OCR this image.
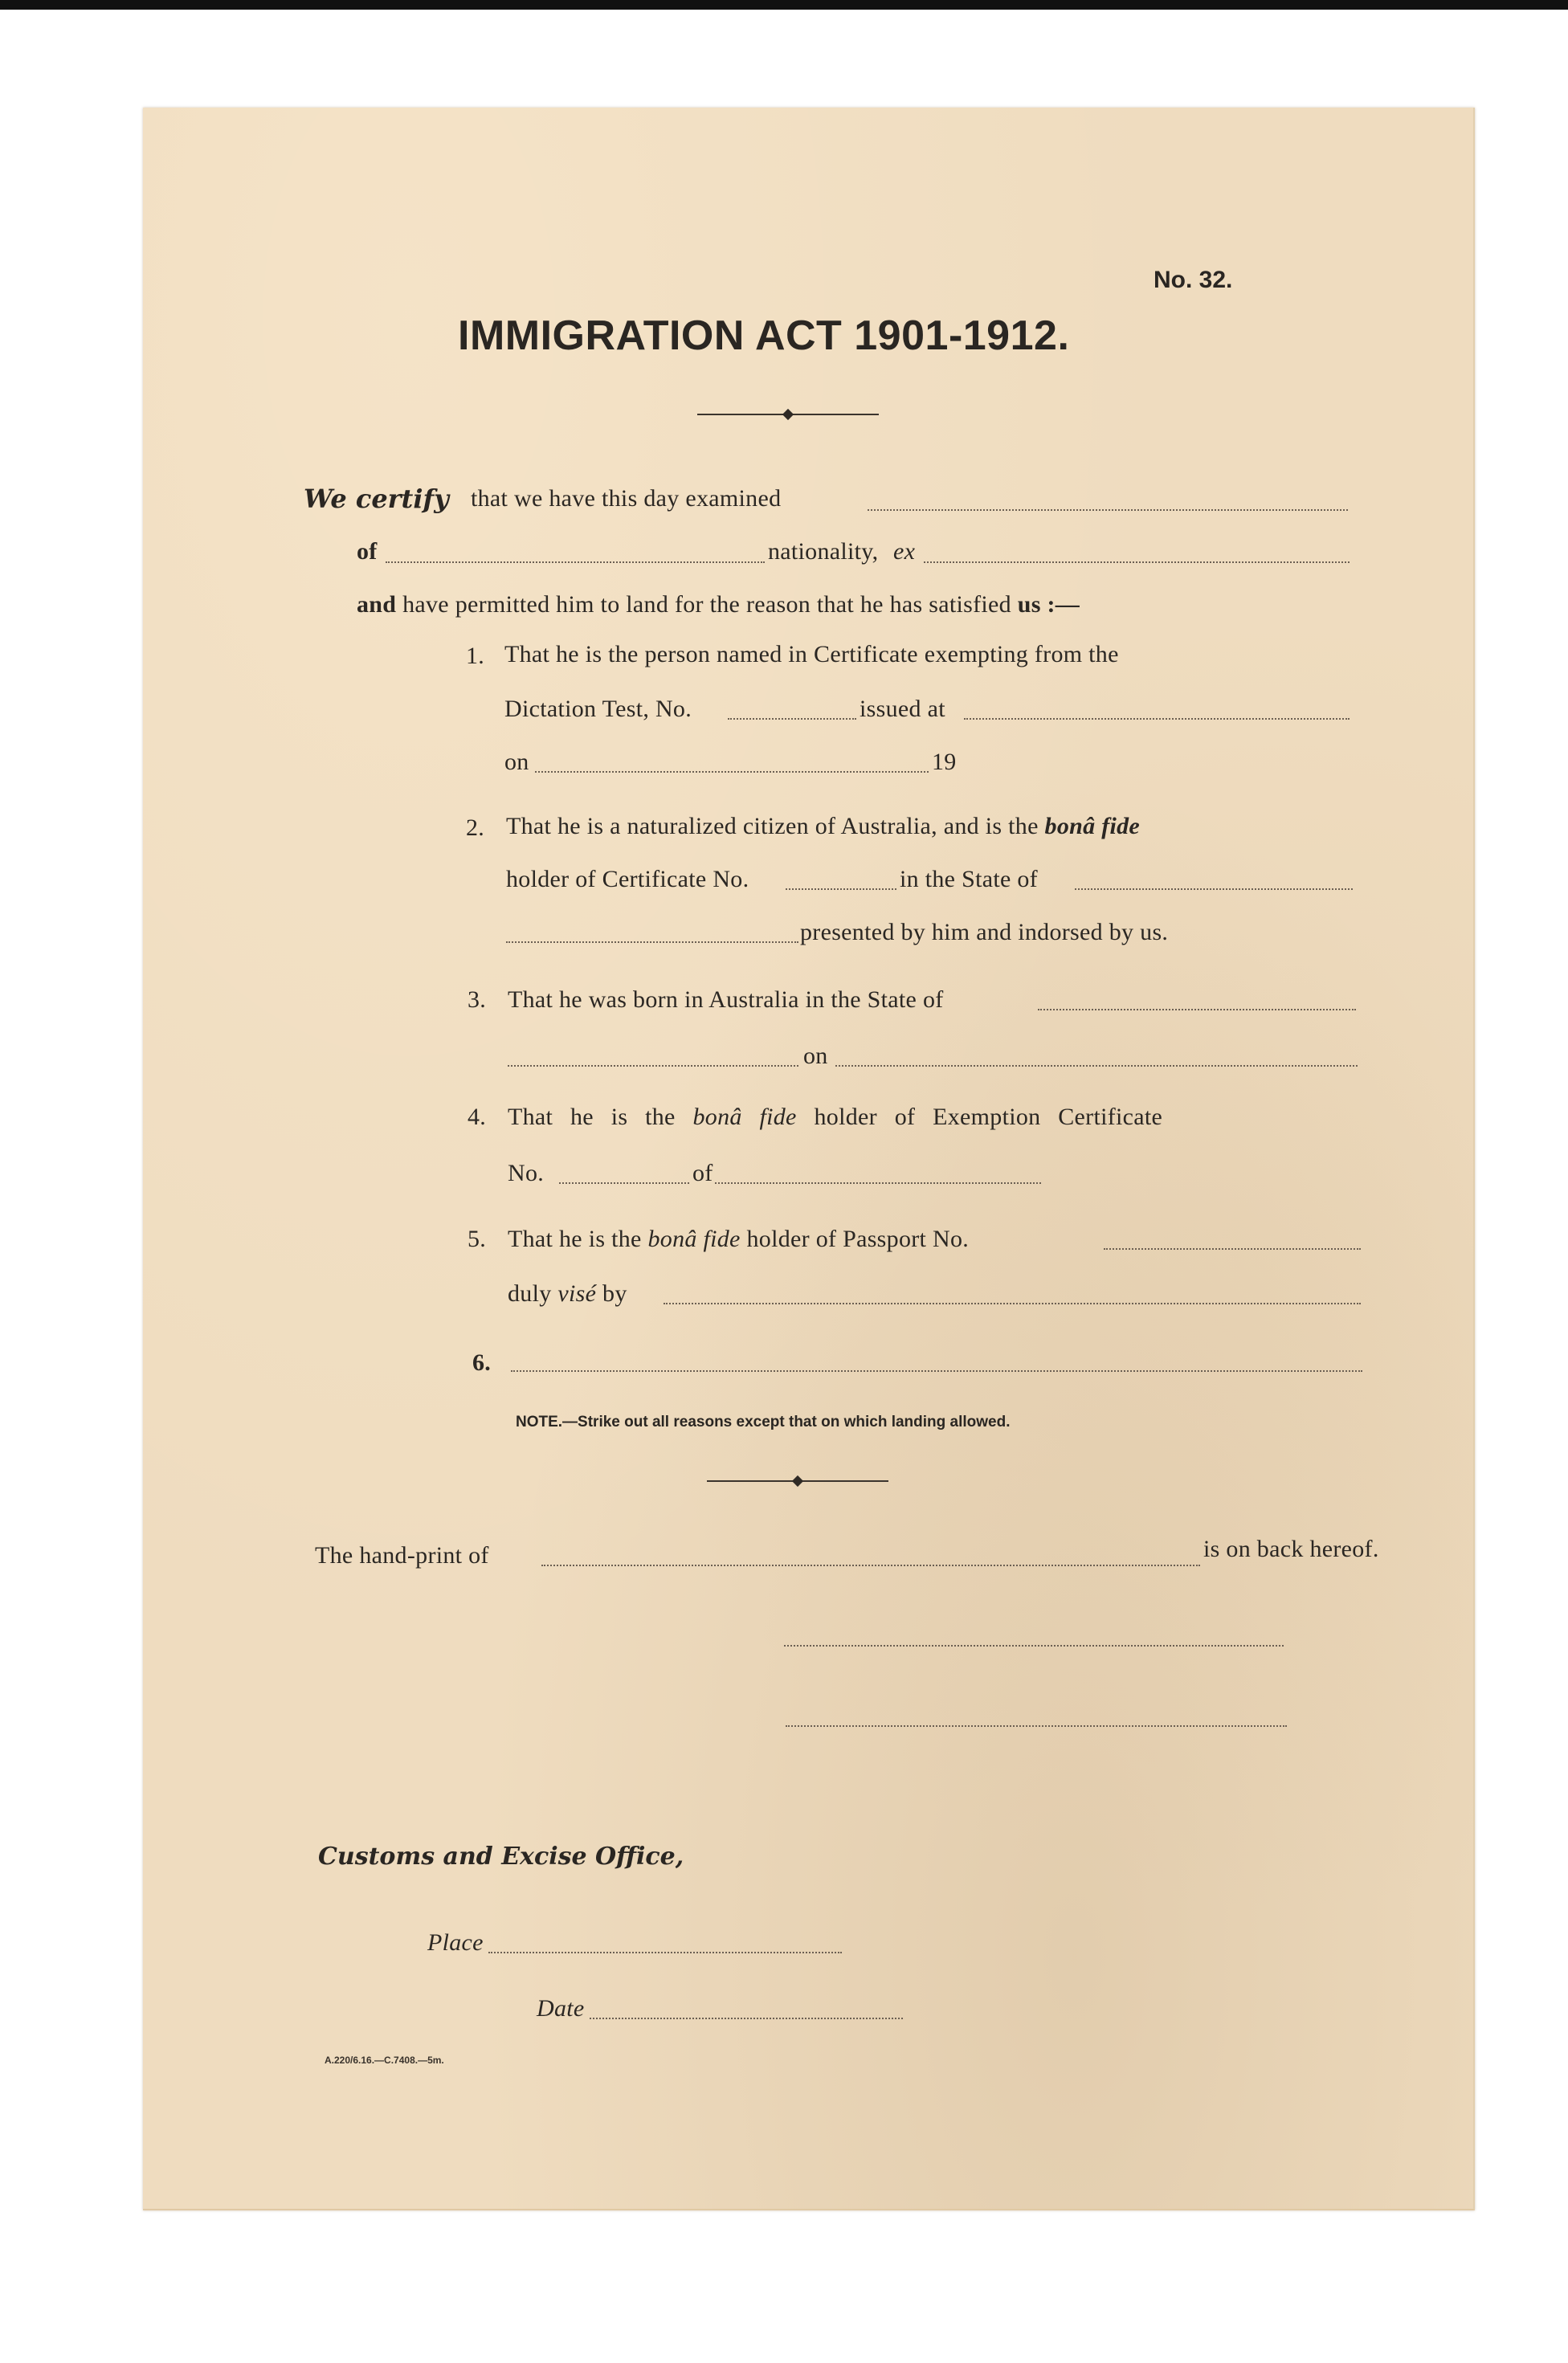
No. 32.
IMMIGRATION ACT 1901-1912.
We certify that we have this day examined
of	nationality, ex
and have permitted him to land for the reason that he has satisfied us :—
1. That he is the person named in Certificate exempting from the
Dictation Test, No.	issued at
on	19
2. That he is a naturalized citizen of Australia, and is the bonâ fide
holder of Certificate No.	in the State of
presented by him and indorsed by us.
3. That he was born in Australia in the State of
on
4. That he is the bonâ fide holder of Exemption Certificate
No.	of
5. That he is the bonâ fide holder of Passport No.
duly visé by
6.
NOTE.—Strike out all reasons except that on which landing allowed.
The hand-print of	is on back hereof.
Customs and Excise Office,
Place
Date
A.220/6.16.—C.7408.—5m.
